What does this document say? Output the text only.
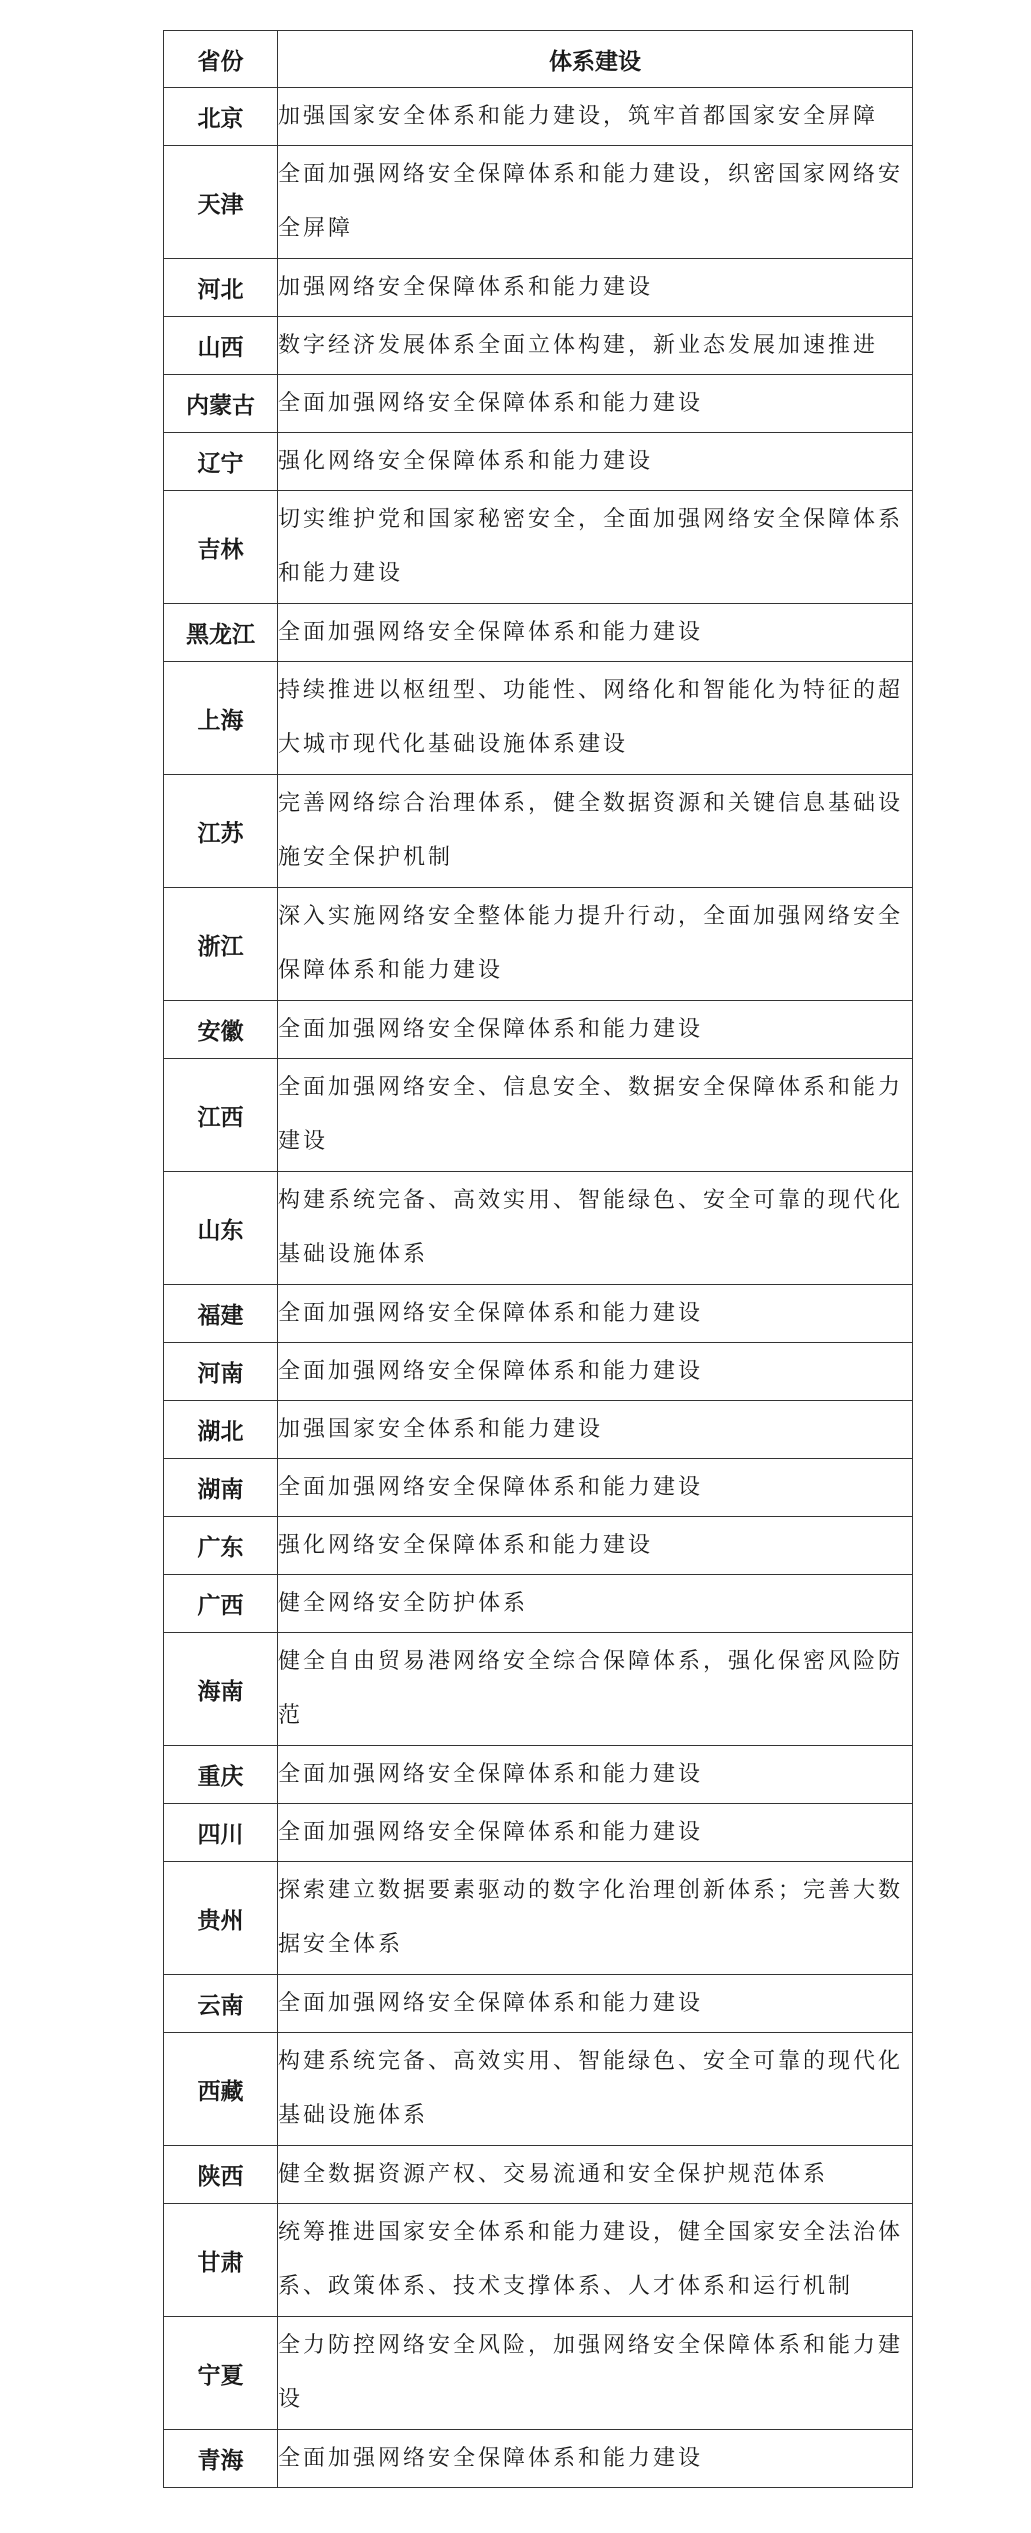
省份	体系建设
北京	加强国家安全体系和能力建设，筑牢首都国家安全屏障
天津	全面加强网络安全保障体系和能力建设，织密国家网络安全屏障
河北	加强网络安全保障体系和能力建设
山西	数字经济发展体系全面立体构建，新业态发展加速推进
内蒙古	全面加强网络安全保障体系和能力建设
辽宁	强化网络安全保障体系和能力建设
吉林	切实维护党和国家秘密安全，全面加强网络安全保障体系和能力建设
黑龙江	全面加强网络安全保障体系和能力建设
上海	持续推进以枢纽型、功能性、网络化和智能化为特征的超大城市现代化基础设施体系建设
江苏	完善网络综合治理体系，健全数据资源和关键信息基础设施安全保护机制
浙江	深入实施网络安全整体能力提升行动，全面加强网络安全保障体系和能力建设
安徽	全面加强网络安全保障体系和能力建设
江西	全面加强网络安全、信息安全、数据安全保障体系和能力建设
山东	构建系统完备、高效实用、智能绿色、安全可靠的现代化基础设施体系
福建	全面加强网络安全保障体系和能力建设
河南	全面加强网络安全保障体系和能力建设
湖北	加强国家安全体系和能力建设
湖南	全面加强网络安全保障体系和能力建设
广东	强化网络安全保障体系和能力建设
广西	健全网络安全防护体系
海南	健全自由贸易港网络安全综合保障体系，强化保密风险防范
重庆	全面加强网络安全保障体系和能力建设
四川	全面加强网络安全保障体系和能力建设
贵州	探索建立数据要素驱动的数字化治理创新体系；完善大数据安全体系
云南	全面加强网络安全保障体系和能力建设
西藏	构建系统完备、高效实用、智能绿色、安全可靠的现代化基础设施体系
陕西	健全数据资源产权、交易流通和安全保护规范体系
甘肃	统筹推进国家安全体系和能力建设，健全国家安全法治体系、政策体系、技术支撑体系、人才体系和运行机制
宁夏	全力防控网络安全风险，加强网络安全保障体系和能力建设
青海	全面加强网络安全保障体系和能力建设
